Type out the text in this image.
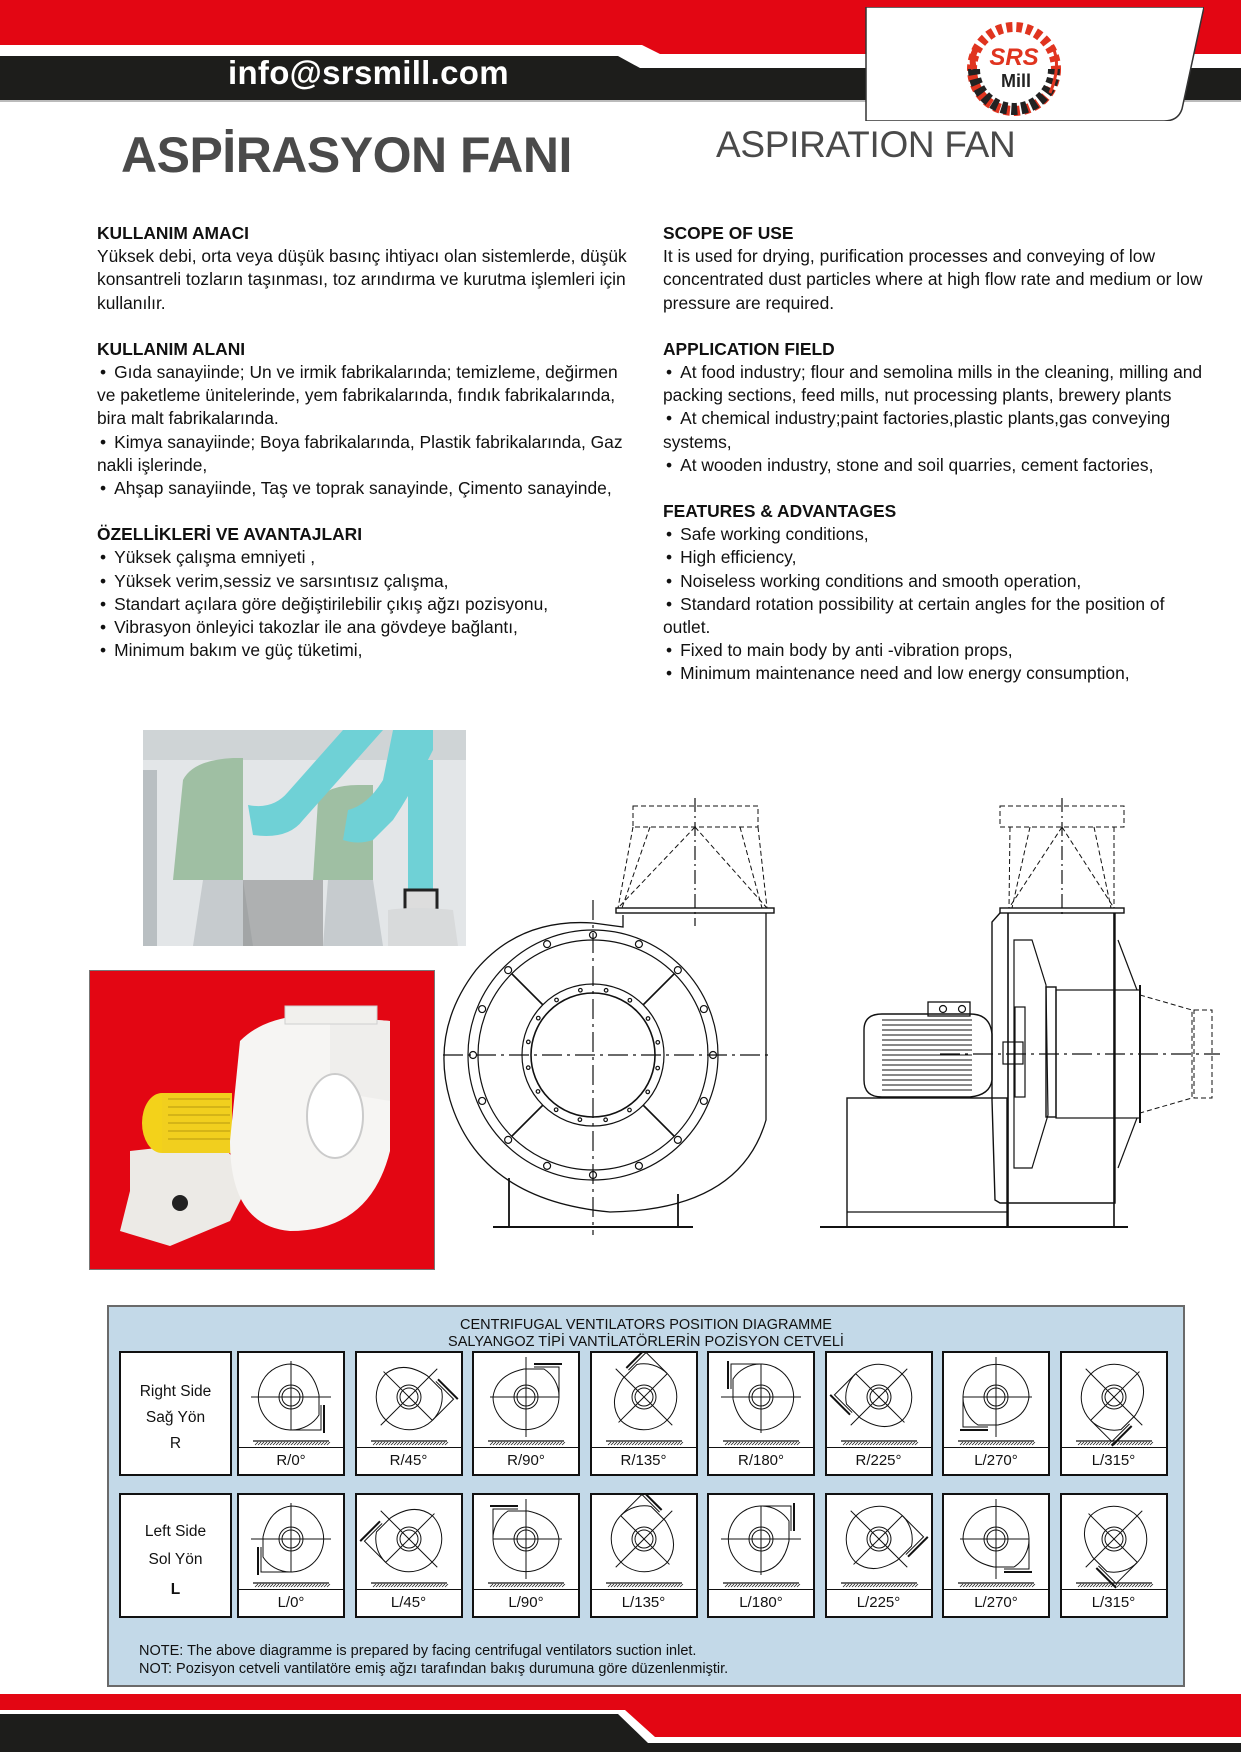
info@srsmill.com	SRS
Mill
ASPİRASYON FANI	ASPIRATION FAN
KULLANIM AMACI

Yüksek debi, orta veya düşük basınç ihtiyacı olan sistemlerde, düşük konsantreli tozların taşınması, toz arındırma ve kurutma işlemleri için kullanılır.

KULLANIM ALANI
• Gıda sanayiinde; Un ve irmik fabrikalarında; temizleme, değirmen ve paketleme ünitelerinde, yem fabrikalarında, fındık fabrikalarında, bira malt fabrikalarında.
• Kimya sanayiinde; Boya fabrikalarında, Plastik fabrikalarında, Gaz nakli işlerinde,
• Ahşap sanayiinde, Taş ve toprak sanayinde, Çimento sanayinde,
ÖZELLİKLERİ VE AVANTAJLARI
• Yüksek çalışma emniyeti ,
• Yüksek verim,sessiz ve sarsıntısız çalışma,
• Standart açılara göre değiştirilebilir çıkış ağzı pozisyonu,
• Vibrasyon önleyici takozlar ile ana gövdeye bağlantı,
• Minimum bakım ve güç tüketimi,
SCOPE OF USE

It is used for drying, purification processes and conveying of low concentrated dust particles where at high flow rate and medium or low pressure are required.

APPLICATION FIELD
• At food industry; flour and semolina mills in the cleaning, milling and packing sections, feed mills, nut processing plants, brewery plants
• At chemical industry;paint factories,plastic plants,gas conveying systems,
• At wooden industry, stone and soil quarries, cement factories,
FEATURES & ADVANTAGES
• Safe working conditions,
• High efficiency,
• Noiseless working conditions and smooth operation,
• Standard rotation possibility at certain angles for the position of outlet.
• Fixed to main body by anti -vibration props,
• Minimum maintenance need and low energy consumption,
CENTRIFUGAL VENTILATORS POSITION DIAGRAMME
SALYANGOZ TİPİ VANTİLATÖRLERİN POZİSYON CETVELİ
Right Side
Sağ Yön
R
Left Side
Sol Yön
L
R/0°	R/45°	R/90°	R/135°	R/180°	R/225°	L/270°	L/315°
L/0°	L/45°	L/90°	L/135°	L/180°	L/225°	L/270°	L/315°
NOTE: The above diagramme is prepared by facing centrifugal ventilators suction inlet.
NOT: Pozisyon cetveli vantilatöre emiş ağzı tarafından bakış durumuna göre düzenlenmiştir.
